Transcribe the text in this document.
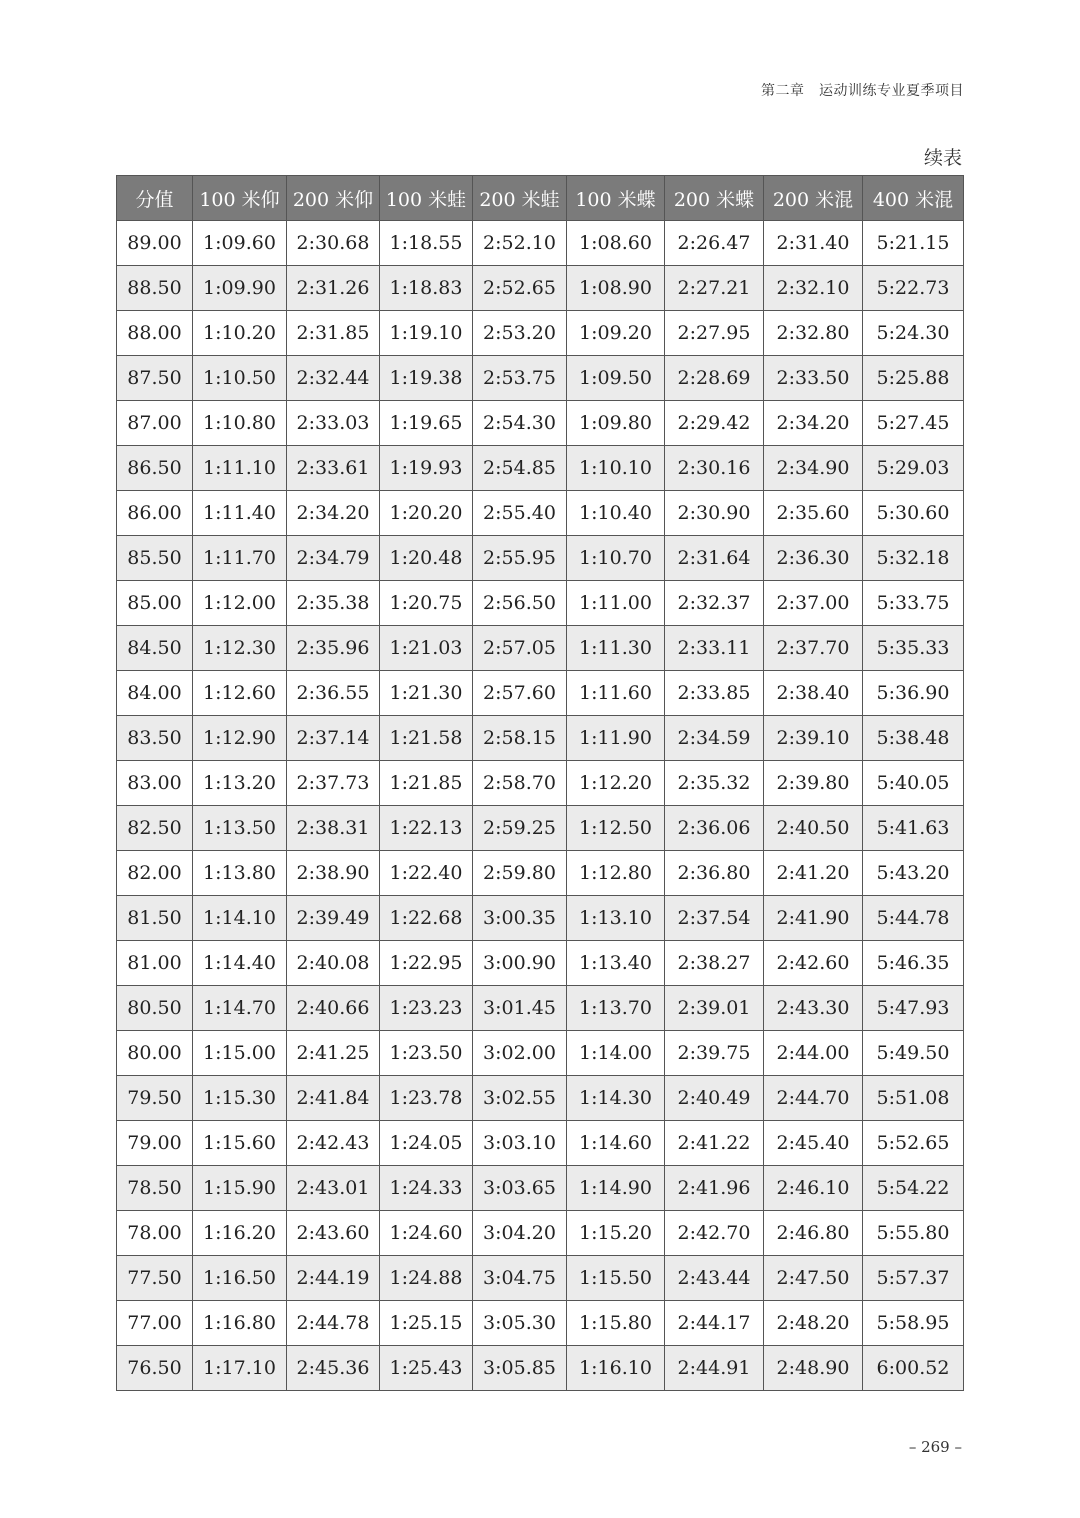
第二章　运动训练专业夏季项目
续表
分值	100 米仰	200 米仰	100 米蛙	200 米蛙	100 米蝶	200 米蝶	200 米混	400 米混
89.00	1:09.60	2:30.68	1:18.55	2:52.10	1:08.60	2:26.47	2:31.40	5:21.15
88.50	1:09.90	2:31.26	1:18.83	2:52.65	1:08.90	2:27.21	2:32.10	5:22.73
88.00	1:10.20	2:31.85	1:19.10	2:53.20	1:09.20	2:27.95	2:32.80	5:24.30
87.50	1:10.50	2:32.44	1:19.38	2:53.75	1:09.50	2:28.69	2:33.50	5:25.88
87.00	1:10.80	2:33.03	1:19.65	2:54.30	1:09.80	2:29.42	2:34.20	5:27.45
86.50	1:11.10	2:33.61	1:19.93	2:54.85	1:10.10	2:30.16	2:34.90	5:29.03
86.00	1:11.40	2:34.20	1:20.20	2:55.40	1:10.40	2:30.90	2:35.60	5:30.60
85.50	1:11.70	2:34.79	1:20.48	2:55.95	1:10.70	2:31.64	2:36.30	5:32.18
85.00	1:12.00	2:35.38	1:20.75	2:56.50	1:11.00	2:32.37	2:37.00	5:33.75
84.50	1:12.30	2:35.96	1:21.03	2:57.05	1:11.30	2:33.11	2:37.70	5:35.33
84.00	1:12.60	2:36.55	1:21.30	2:57.60	1:11.60	2:33.85	2:38.40	5:36.90
83.50	1:12.90	2:37.14	1:21.58	2:58.15	1:11.90	2:34.59	2:39.10	5:38.48
83.00	1:13.20	2:37.73	1:21.85	2:58.70	1:12.20	2:35.32	2:39.80	5:40.05
82.50	1:13.50	2:38.31	1:22.13	2:59.25	1:12.50	2:36.06	2:40.50	5:41.63
82.00	1:13.80	2:38.90	1:22.40	2:59.80	1:12.80	2:36.80	2:41.20	5:43.20
81.50	1:14.10	2:39.49	1:22.68	3:00.35	1:13.10	2:37.54	2:41.90	5:44.78
81.00	1:14.40	2:40.08	1:22.95	3:00.90	1:13.40	2:38.27	2:42.60	5:46.35
80.50	1:14.70	2:40.66	1:23.23	3:01.45	1:13.70	2:39.01	2:43.30	5:47.93
80.00	1:15.00	2:41.25	1:23.50	3:02.00	1:14.00	2:39.75	2:44.00	5:49.50
79.50	1:15.30	2:41.84	1:23.78	3:02.55	1:14.30	2:40.49	2:44.70	5:51.08
79.00	1:15.60	2:42.43	1:24.05	3:03.10	1:14.60	2:41.22	2:45.40	5:52.65
78.50	1:15.90	2:43.01	1:24.33	3:03.65	1:14.90	2:41.96	2:46.10	5:54.22
78.00	1:16.20	2:43.60	1:24.60	3:04.20	1:15.20	2:42.70	2:46.80	5:55.80
77.50	1:16.50	2:44.19	1:24.88	3:04.75	1:15.50	2:43.44	2:47.50	5:57.37
77.00	1:16.80	2:44.78	1:25.15	3:05.30	1:15.80	2:44.17	2:48.20	5:58.95
76.50	1:17.10	2:45.36	1:25.43	3:05.85	1:16.10	2:44.91	2:48.90	6:00.52
– 269 –
